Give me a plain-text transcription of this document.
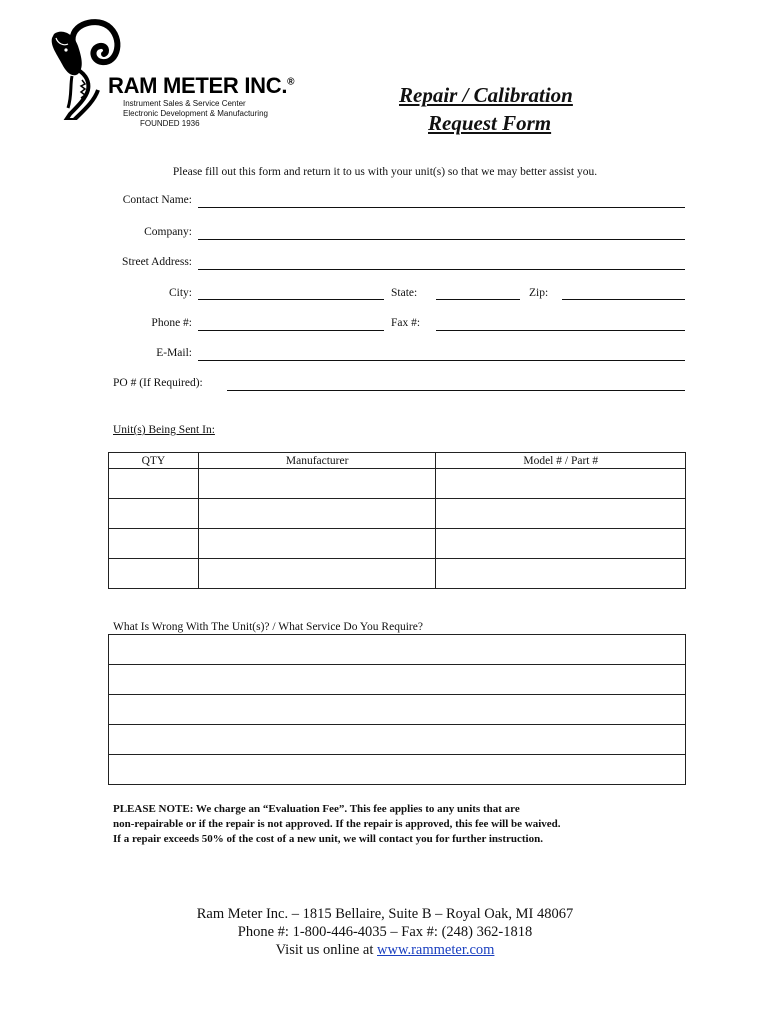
RAM METER INC.®
Instrument Sales & Service Center
Electronic Development & Manufacturing
FOUNDED 1936
Repair / Calibration
Request Form
Please fill out this form and return it to us with your unit(s) so that we may better assist you.
Contact Name:
Company:
Street Address:
City:	State:	Zip:
Phone #:	Fax #:
E-Mail:
PO # (If Required):
Unit(s) Being Sent In:
QTY	Manufacturer	Model # / Part #

What Is Wrong With The Unit(s)? / What Service Do You Require?

PLEASE NOTE: We charge an “Evaluation Fee”. This fee applies to any units that are
non-repairable or if the repair is not approved. If the repair is approved, this fee will be waived.
If a repair exceeds 50% of the cost of a new unit, we will contact you for further instruction.
Ram Meter Inc. – 1815 Bellaire, Suite B – Royal Oak, MI 48067
Phone #: 1-800-446-4035 – Fax #: (248) 362-1818
Visit us online at www.rammeter.com
